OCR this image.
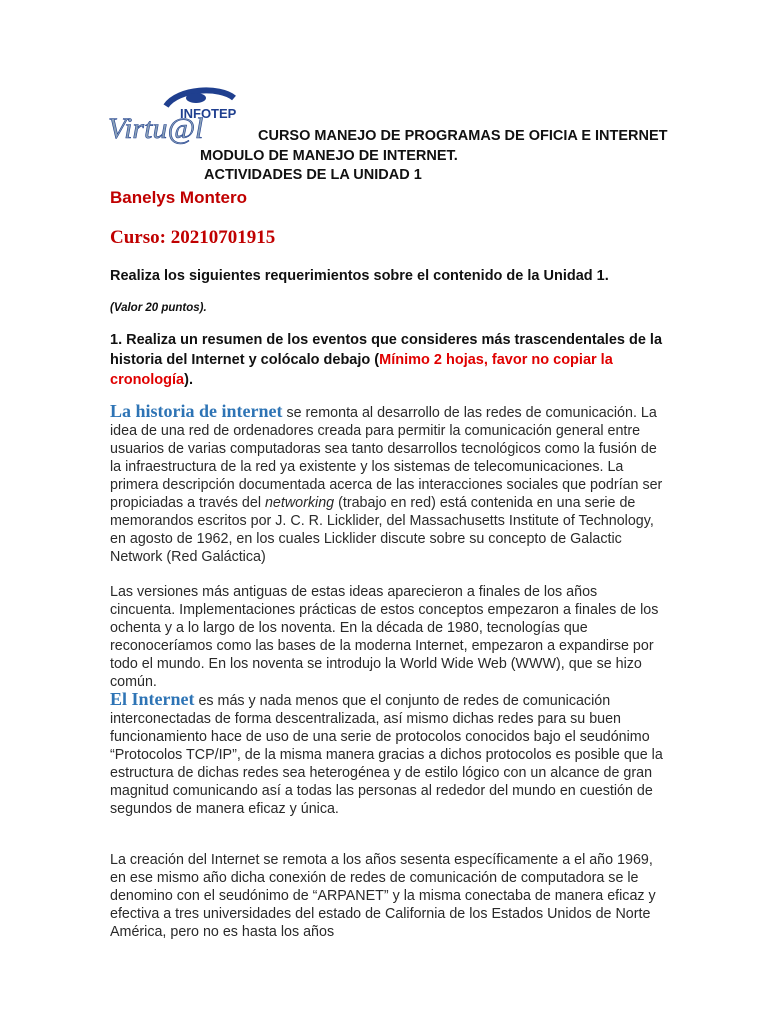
INFOTEP
Virtu@l	CURSO MANEJO DE PROGRAMAS DE OFICIA E INTERNET
MODULO DE MANEJO DE INTERNET.
ACTIVIDADES DE LA UNIDAD 1
Banelys Montero
Curso: 20210701915
Realiza los siguientes requerimientos sobre el contenido de la Unidad 1.
(Valor 20 puntos).
1. Realiza un resumen de los eventos que consideres más trascendentales de la historia del Internet y colócalo debajo (Mínimo 2 hojas, favor no copiar la cronología).

La historia de internet se remonta al desarrollo de las redes de comunicación. La idea de una red de ordenadores creada para permitir la comunicación general entre usuarios de varias computadoras sea tanto desarrollos tecnológicos como la fusión de la infraestructura de la red ya existente y los sistemas de telecomunicaciones. La primera descripción documentada acerca de las interacciones sociales que podrían ser propiciadas a través del networking (trabajo en red) está contenida en una serie de memorandos escritos por J. C. R. Licklider, del Massachusetts Institute of Technology, en agosto de 1962, en los cuales Licklider discute sobre su concepto de Galactic Network (Red Galáctica)

Las versiones más antiguas de estas ideas aparecieron a finales de los años cincuenta. Implementaciones prácticas de estos conceptos empezaron a finales de los ochenta y a lo largo de los noventa. En la década de 1980, tecnologías que reconoceríamos como las bases de la moderna Internet, empezaron a expandirse por todo el mundo. En los noventa se introdujo la World Wide Web (WWW), que se hizo común.

El Internet es más y nada menos que el conjunto de redes de comunicación interconectadas de forma descentralizada, así mismo dichas redes para su buen funcionamiento hace de uso de una serie de protocolos conocidos bajo el seudónimo “Protocolos TCP/IP”, de la misma manera gracias a dichos protocolos es posible que la estructura de dichas redes sea heterogénea y de estilo lógico con un alcance de gran magnitud comunicando así a todas las personas al rededor del mundo en cuestión de segundos de manera eficaz y única.

La creación del Internet se remota a los años sesenta específicamente a el año 1969, en ese mismo año dicha conexión de redes de comunicación de computadora se le denomino con el seudónimo de “ARPANET” y la misma conectaba de manera eficaz y efectiva a tres universidades del estado de California de los Estados Unidos de Norte América, pero no es hasta los años
